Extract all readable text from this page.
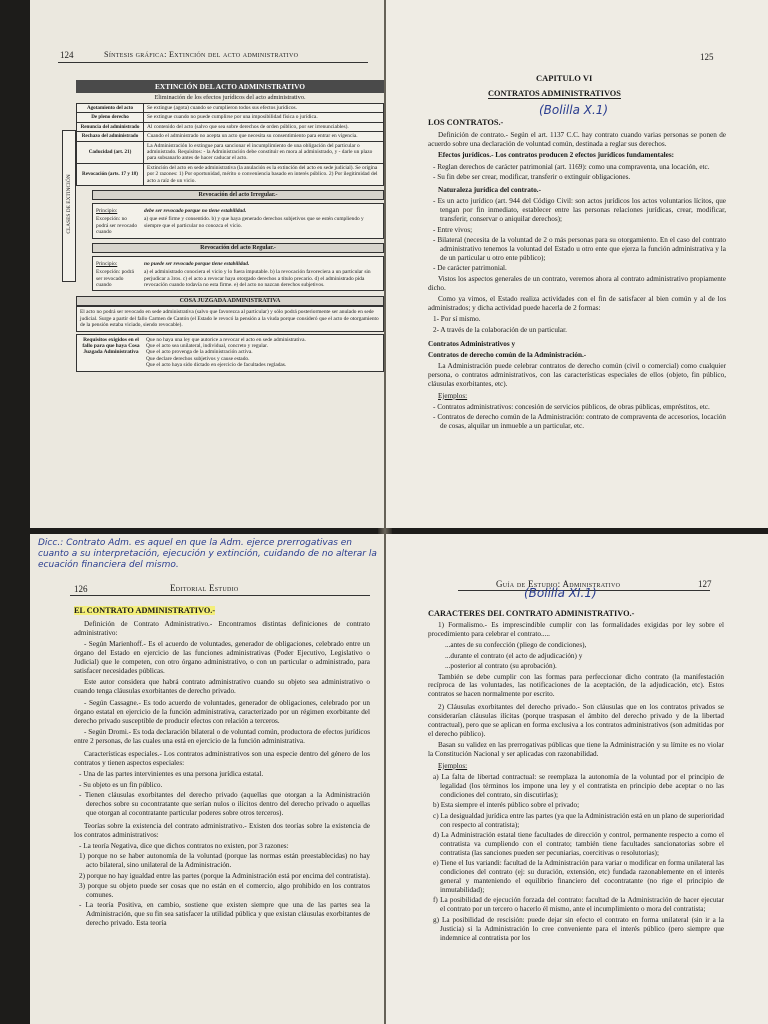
124	Síntesis gráfica: Extinción del acto administrativo
EXTINCIÓN DEL ACTO ADMINISTRATIVO
Eliminación de los efectos jurídicos del acto administrativo.
CLASES DE EXTINCIÓN
Agotamiento del acto	Se extingue (agota) cuando se cumplieron todos sus efectos jurídicos.
De pleno derecho	Se extingue cuando no puede cumplirse por una imposibilidad física o jurídica.
Renuncia del administrado	Al contenido del acto (salvo que sea sobre derechos de orden público, por ser irrenunciables).
Rechazo del administrado	Cuando el administrado no acepta un acto que necesita su consentimiento para entrar en vigencia.
Caducidad (art. 21)	La Administración lo extingue para sancionar el incumplimiento de una obligación del particular o administrado. Requisitos: - la Administración debe constituir en mora al administrado, y - darle un plazo para subsanarlo antes de hacer caducar el acto.
Revocación (arts. 17 y 18)	Extinción del acto en sede administrativa (la anulación es la extinción del acto en sede judicial). Se origina por 2 razones: 1) Por oportunidad, mérito o conveniencia basado en interés público. 2) Por ilegitimidad del acto a raíz de un vicio.
Revocación del acto Irregular.-
Principio:	debe ser revocado porque no tiene estabilidad.
Excepción: no podrá ser revocado cuando
a) que esté firme y consentido. b) y que haya generado derechos subjetivos que se estén cumpliendo y siempre que el particular no conozca el vicio.
Revocación del acto Regular.-
Principio:	no puede ser revocado porque tiene estabilidad.
Excepción: podrá ser revocado cuando
a) el administrado conociera el vicio y lo fuera imputable. b) la revocación favoreciera a un particular sin perjudicar a 3ros. c) el acto a revocar haya otorgado derechos a título precario. d) el administrado pida revocación cuando todavía no esta firme. e) del acto no nazcan derechos subjetivos.
COSA JUZGADA ADMINISTRATIVA
El acto no podrá ser revocado en sede administrativa (salvo que favorezca al particular) y sólo podrá posteriormente ser anulado en sede judicial. Surge a partir del fallo Carmen de Cantón (el Estado le revocó la pensión a la viuda porque consideró que el acto de otorgamiento de la pensión estaba viciado, siendo revocable).
Requisitos exigidos en el fallo para que haya Cosa Juzgada Administrativa
Que no haya una ley que autorice a revocar el acto en sede administrativa.
Que el acto sea unilateral, individual, concreto y regular.
Que el acto provenga de la administración activa.
Que declare derechos subjetivos y cause estado.
Que el acto haya sido dictado en ejercicio de facultades regladas.
125
CAPITULO VI
CONTRATOS ADMINISTRATIVOS
(Bolilla X.1)
LOS CONTRATOS.-

Definición de contrato.- Según el art. 1137 C.C. hay contrato cuando varias personas se ponen de acuerdo sobre una declaración de voluntad común, destinada a reglar sus derechos.

Efectos jurídicos.- Los contratos producen 2 efectos jurídicos fundamentales:

- Reglan derechos de carácter patrimonial (art. 1169): como una compraventa, una locación, etc.
- Su fin debe ser crear, modificar, transferir o extinguir obligaciones.

Naturaleza jurídica del contrato.-

- Es un acto jurídico (art. 944 del Código Civil: son actos jurídicos los actos voluntarios lícitos, que tengan por fin inmediato, establecer entre las personas relaciones jurídicas, crear, modificar, transferir, conservar o aniquilar derechos);
- Entre vivos;
- Bilateral (necesita de la voluntad de 2 o más personas para su otorgamiento. En el caso del contrato administrativo tenemos la voluntad del Estado u otro ente que ejerza la función administrativa y la de un particular u otro ente público);
- De carácter patrimonial.

Vistos los aspectos generales de un contrato, veremos ahora al contrato administrativo propiamente dicho.

Como ya vimos, el Estado realiza actividades con el fin de satisfacer al bien común y al de los administrados; y dicha actividad puede hacerla de 2 formas:

1- Por sí mismo.
2- A través de la colaboración de un particular.

Contratos Administrativos y

Contratos de derecho común de la Administración.-

La Administración puede celebrar contratos de derecho común (civil o comercial) como cualquier persona, o contratos administrativos, con las características especiales de ellos (objeto, fin público, cláusulas exorbitantes, etc).

Ejemplos:

- Contratos administrativos: concesión de servicios públicos, de obras públicas, empréstitos, etc.
- Contratos de derecho común de la Administración: contrato de compraventa de accesorios, locación de cosas, alquilar un inmueble a un particular, etc.
Dicc.: Contrato Adm. es aquel en que la Adm. ejerce prerrogativas en cuanto a su interpretación, ejecución y extinción, cuidando de no alterar la ecuación financiera del mismo.
126	Editorial Estudio
EL CONTRATO ADMINISTRATIVO.-

Definición de Contrato Administrativo.- Encontramos distintas definiciones de contrato administrativo:

- Según Marienhoff.- Es el acuerdo de voluntades, generador de obligaciones, celebrado entre un órgano del Estado en ejercicio de las funciones administrativas (Poder Ejecutivo, Legislativo o Judicial) que le competen, con otro órgano administrativo, o con un particular o administrado, para satisfacer necesidades públicas.

Este autor considera que habrá contrato administrativo cuando su objeto sea administrativo o cuando tenga cláusulas exorbitantes de derecho privado.

- Según Cassagne.- Es todo acuerdo de voluntades, generador de obligaciones, celebrado por un órgano estatal en ejercicio de la función administrativa, caracterizado por un régimen exorbitante del derecho privado susceptible de producir efectos con relación a terceros.

- Según Dromi.- Es toda declaración bilateral o de voluntad común, productora de efectos jurídicos entre 2 personas, de las cuales una está en ejercicio de la función administrativa.

Características especiales.- Los contratos administrativos son una especie dentro del género de los contratos y tienen aspectos especiales:

- Una de las partes intervinientes es una persona jurídica estatal.
- Su objeto es un fin público.
- Tienen cláusulas exorbitantes del derecho privado (aquellas que otorgan a la Administración derechos sobre su cocontratante que serían nulos o ilícitos dentro del derecho privado o aquellas que otorgan al cocontratante particular poderes sobre otros terceros).

Teorías sobre la existencia del contrato administrativo.- Existen dos teorías sobre la existencia de los contratos administrativos:

- La teoría Negativa, dice que dichos contratos no existen, por 3 razones:
1) porque no se haber autonomía de la voluntad (porque las normas están preestablecidas) no hay acto bilateral, sino unilateral de la Administración.
2) porque no hay igualdad entre las partes (porque la Administración está por encima del contratista).
3) porque su objeto puede ser cosas que no están en el comercio, algo prohibido en los contratos comunes.
- La teoría Positiva, en cambio, sostiene que existen siempre que una de las partes sea la Administración, que su fin sea satisfacer la utilidad pública y que existan cláusulas exorbitantes de derecho privado. Esta teoría
Guía de Estudio: Administrativo	127
(Bolilla XI.1)
CARACTERES DEL CONTRATO ADMINISTRATIVO.-

1) Formalismo.- Es imprescindible cumplir con las formalidades exigidas por ley sobre el procedimiento para celebrar el contrato.....

...antes de su confección (pliego de condiciones),
...durante el contrato (el acto de adjudicación) y
...posterior al contrato (su aprobación).

También se debe cumplir con las formas para perfeccionar dicho contrato (la manifestación recíproca de las voluntades, las notificaciones de la aceptación, de la adjudicación, etc). Estos contratos se hacen normalmente por escrito.

2) Cláusulas exorbitantes del derecho privado.- Son cláusulas que en los contratos privados se considerarían cláusulas ilícitas (porque traspasan el ámbito del derecho privado y de la libertad contractual), pero que se aplican en forma exclusiva a los contratos administrativos (son admitidas por el derecho público).

Basan su validez en las prerrogativas públicas que tiene la Administración y su límite es no violar la Constitución Nacional y ser aplicadas con razonabilidad.

Ejemplos:

a) La falta de libertad contractual: se reemplaza la autonomía de la voluntad por el principio de legalidad (los términos los impone una ley y el contratista en principio debe aceptar o no las condiciones del contrato, sin discutirlas);
b) Esta siempre el interés público sobre el privado;
c) La desigualdad jurídica entre las partes (ya que la Administración está en un plano de superioridad con respecto al contratista);
d) La Administración estatal tiene facultades de dirección y control, permanente respecto a como el contratista va cumpliendo con el contrato; también tiene facultades sancionatorias sobre el contratista (las sanciones pueden ser pecuniarias, coercitivas o resolutorias);
e) Tiene el Ius variandi: facultad de la Administración para variar o modificar en forma unilateral las condiciones del contrato (ej: su duración, extensión, etc) fundada razonablemente en el interés general y manteniendo el equilibrio financiero del cocontratante (no rige el principio de inmutabilidad);
f) La posibilidad de ejecución forzada del contrato: facultad de la Administración de hacer ejecutar el contrato por un tercero o hacerlo él mismo, ante el incumplimiento o mora del contratista;
g) La posibilidad de rescisión: puede dejar sin efecto el contrato en forma unilateral (sin ir a la Justicia) si la Administración lo cree conveniente para el interés público (pero siempre que indemnice al contratista por los
